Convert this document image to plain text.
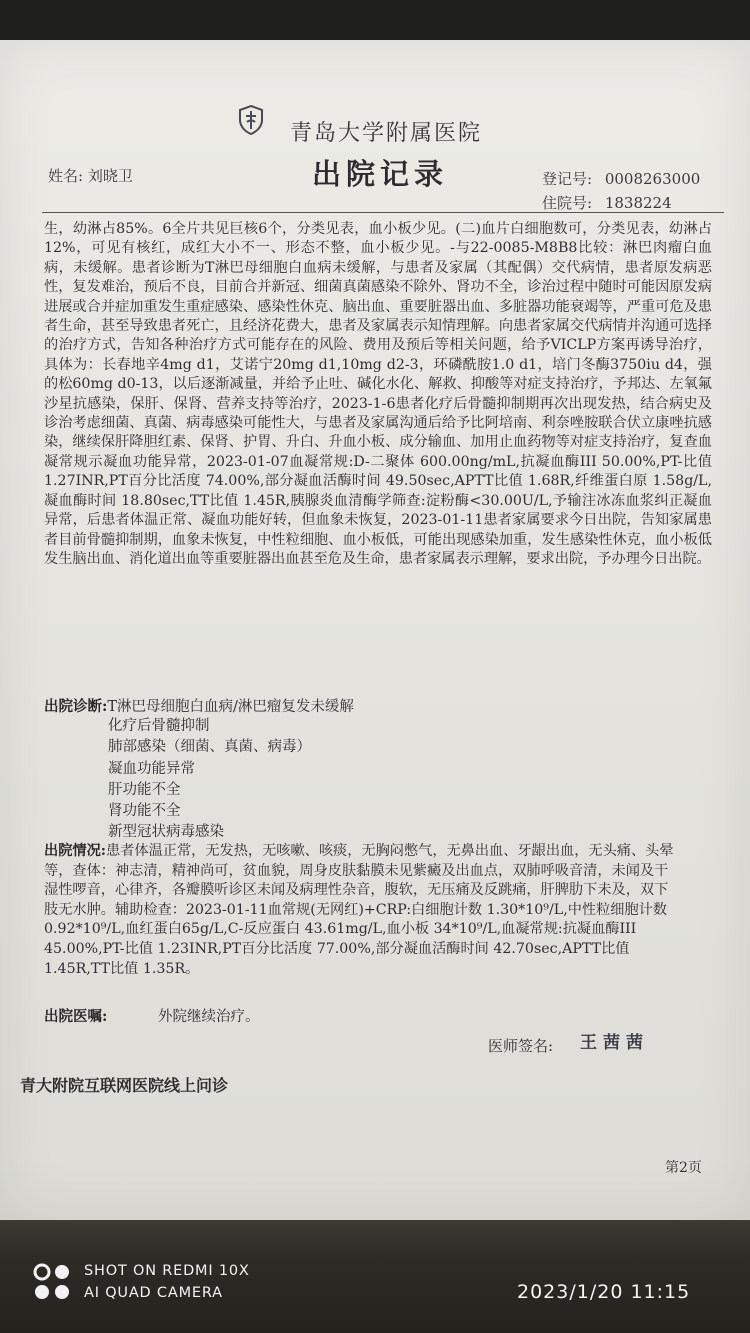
青岛大学附属医院
出院记录
姓名: 刘晓卫	登记号: 0008263000
住院号: 1838224
生，幼淋占85%。6全片共见巨核6个，分类见表，血小板少见。(二)血片白细胞数可，分类见表，幼淋占12%，可见有核红，成红大小不一、形态不整，血小板少见。-与22-0085-M8B8比较：淋巴肉瘤白血病，未缓解。患者诊断为T淋巴母细胞白血病未缓解，与患者及家属（其配偶）交代病情，患者原发病恶性，复发难治，预后不良，目前合并新冠、细菌真菌感染不除外、肾功不全，诊治过程中随时可能因原发病进展或合并症加重发生重症感染、感染性休克、脑出血、重要脏器出血、多脏器功能衰竭等，严重可危及患者生命，甚至导致患者死亡，且经济花费大，患者及家属表示知情理解。向患者家属交代病情并沟通可选择的治疗方式，告知各种治疗方式可能存在的风险、费用及预后等相关问题，给予VICLP方案再诱导治疗，具体为：长春地辛4mg d1，艾诺宁20mg d1,10mg d2-3，环磷酰胺1.0 d1，培门冬酶3750iu d4，强的松60mg d0-13，以后逐渐减量，并给予止吐、碱化水化、解救、抑酸等对症支持治疗，予邦达、左氧氟沙星抗感染，保肝、保肾、营养支持等治疗，2023-1-6患者化疗后骨髓抑制期再次出现发热，结合病史及诊治考虑细菌、真菌、病毒感染可能性大，与患者及家属沟通后给予比阿培南、利奈唑胺联合伏立康唑抗感染，继续保肝降胆红素、保肾、护胃、升白、升血小板、成分输血、加用止血药物等对症支持治疗，复查血凝常规示凝血功能异常，2023-01-07血凝常规:D-二聚体 600.00ng/mL,抗凝血酶III 50.00%,PT-比值 1.27INR,PT百分比活度 74.00%,部分凝血活酶时间 49.50sec,APTT比值 1.68R,纤维蛋白原 1.58g/L,凝血酶时间 18.80sec,TT比值 1.45R,胰腺炎血清酶学筛查:淀粉酶<30.00U/L,予输注冰冻血浆纠正凝血异常，后患者体温正常、凝血功能好转，但血象未恢复，2023-01-11患者家属要求今日出院，告知家属患者目前骨髓抑制期，血象未恢复，中性粒细胞、血小板低，可能出现感染加重，发生感染性休克，血小板低发生脑出血、消化道出血等重要脏器出血甚至危及生命，患者家属表示理解，要求出院，予办理今日出院。
出院诊断:T淋巴母细胞白血病/淋巴瘤复发未缓解
化疗后骨髓抑制
肺部感染（细菌、真菌、病毒）
凝血功能异常
肝功能不全
肾功能不全
新型冠状病毒感染
出院情况:患者体温正常，无发热，无咳嗽、咳痰，无胸闷憋气，无鼻出血、牙龈出血，无头痛、头晕等，查体：神志清，精神尚可，贫血貌，周身皮肤黏膜未见紫癜及出血点，双肺呼吸音清，未闻及干湿性啰音，心律齐，各瓣膜听诊区未闻及病理性杂音，腹软，无压痛及反跳痛，肝脾肋下未及，双下肢无水肿。辅助检查：2023-01-11血常规(无网红)+CRP:白细胞计数 1.30*10⁹/L,中性粒细胞计数 0.92*10⁹/L,血红蛋白65g/L,C-反应蛋白 43.61mg/L,血小板 34*10⁹/L,血凝常规:抗凝血酶III 45.00%,PT-比值 1.23INR,PT百分比活度 77.00%,部分凝血活酶时间 42.70sec,APTT比值 1.45R,TT比值 1.35R。
出院医嘱:	外院继续治疗。
医师签名: 王茜茜
青大附院互联网医院线上问诊
第2页
SHOT ON REDMI 10X
AI QUAD CAMERA	2023/1/20 11:15
